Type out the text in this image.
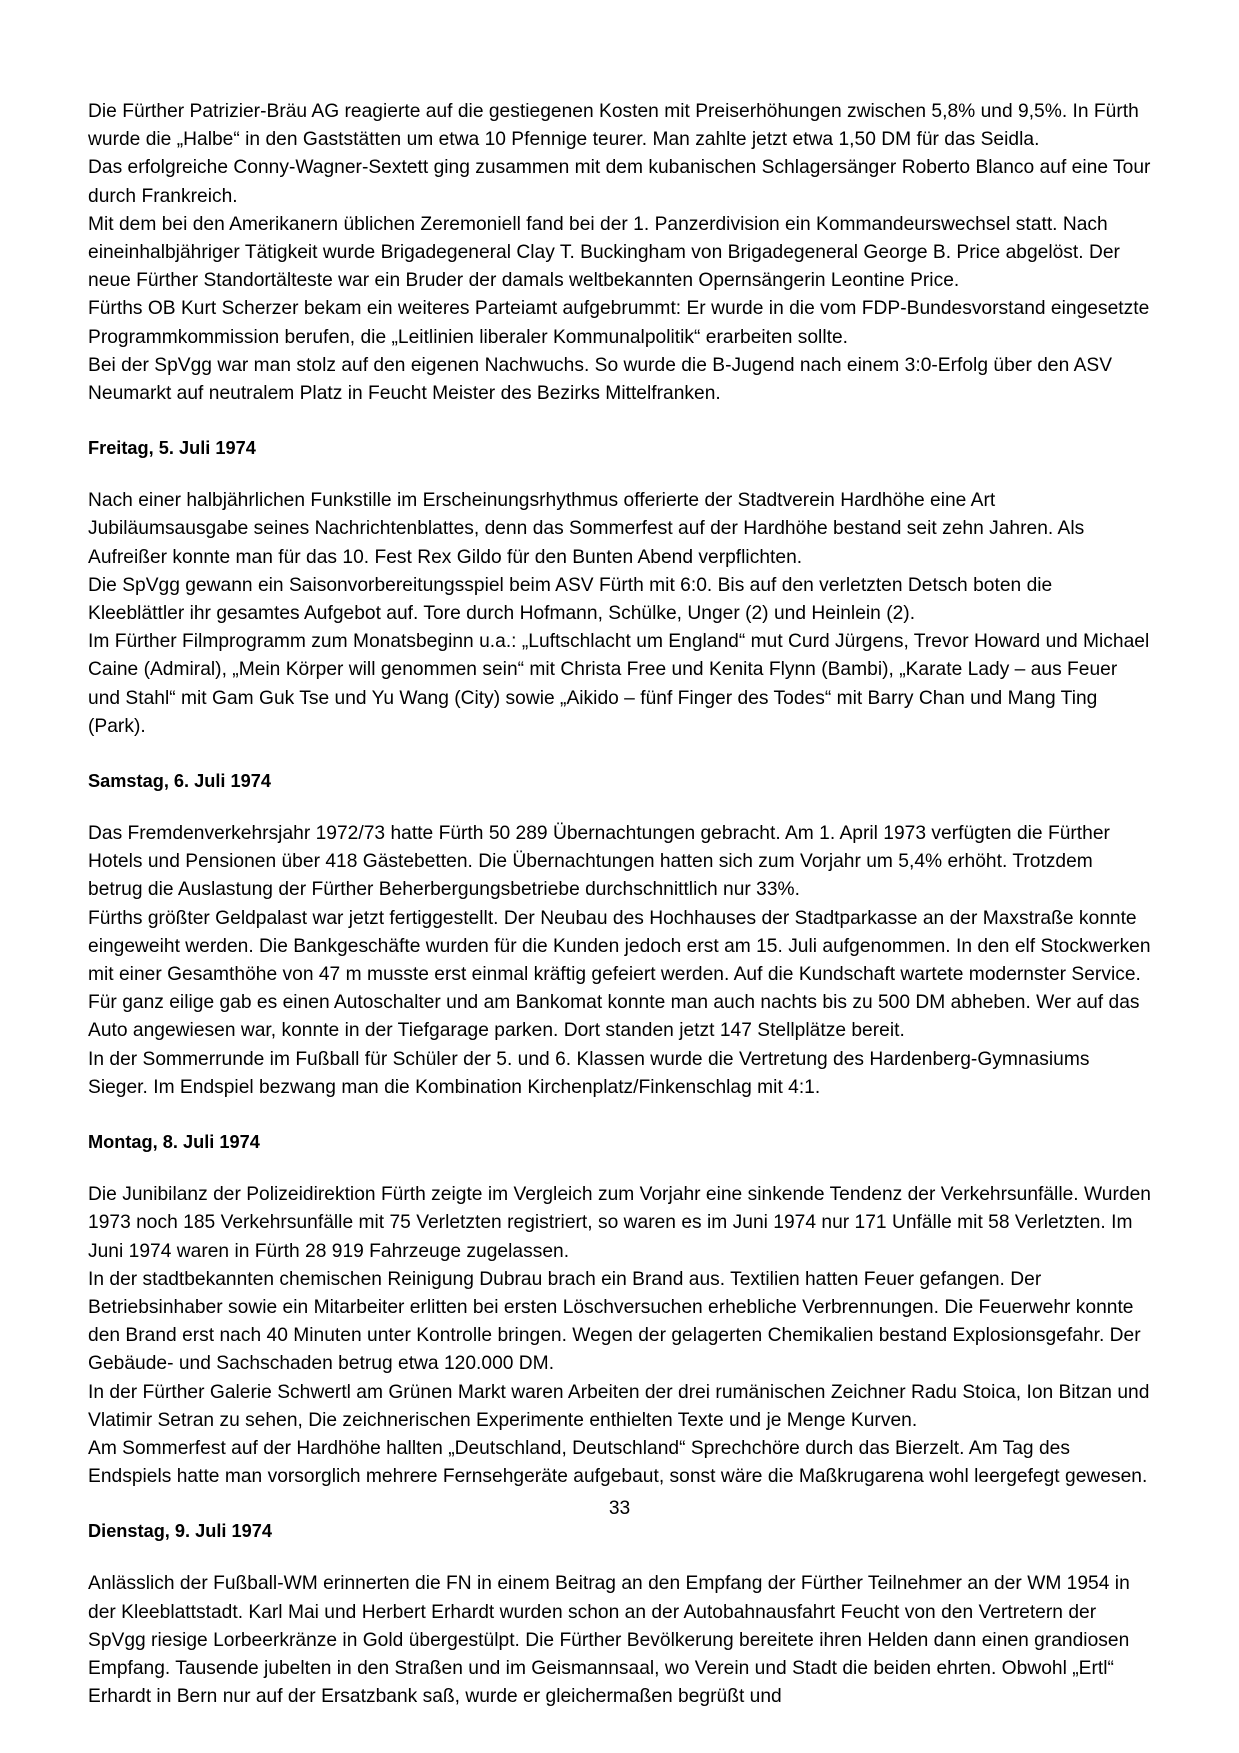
Die Fürther Patrizier-Bräu AG reagierte auf die gestiegenen Kosten mit Preiserhöhungen zwischen 5,8% und 9,5%. In Fürth wurde die „Halbe“ in den Gaststätten um etwa 10 Pfennige teurer. Man zahlte jetzt etwa 1,50 DM für das Seidla.

Das erfolgreiche Conny-Wagner-Sextett ging zusammen mit dem kubanischen Schlagersänger Roberto Blanco auf eine Tour durch Frankreich.

Mit dem bei den Amerikanern üblichen Zeremoniell fand bei der 1. Panzerdivision ein Kommandeurswechsel statt. Nach eineinhalbjähriger Tätigkeit wurde Brigadegeneral Clay T. Buckingham von Brigadegeneral George B. Price abgelöst. Der neue Fürther Standortälteste war ein Bruder der damals weltbekannten Opernsängerin Leontine Price.

Fürths OB Kurt Scherzer bekam ein weiteres Parteiamt aufgebrummt: Er wurde in die vom FDP-Bundesvorstand eingesetzte Programmkommission berufen, die „Leitlinien liberaler Kommunalpolitik“ erarbeiten sollte.

Bei der SpVgg war man stolz auf den eigenen Nachwuchs. So wurde die B-Jugend nach einem 3:0-Erfolg über den ASV Neumarkt auf neutralem Platz in Feucht Meister des Bezirks Mittelfranken.

Freitag, 5. Juli 1974

Nach einer halbjährlichen Funkstille im Erscheinungsrhythmus offerierte der Stadtverein Hardhöhe eine Art Jubiläumsausgabe seines Nachrichtenblattes, denn das Sommerfest auf der Hardhöhe bestand seit zehn Jahren. Als Aufreißer konnte man für das 10. Fest Rex Gildo für den Bunten Abend verpflichten.

Die SpVgg gewann ein Saisonvorbereitungsspiel beim ASV Fürth mit 6:0. Bis auf den verletzten Detsch boten die Kleeblättler ihr gesamtes Aufgebot auf. Tore durch Hofmann, Schülke, Unger (2) und Heinlein (2).

Im Fürther Filmprogramm zum Monatsbeginn u.a.: „Luftschlacht um England“ mut Curd Jürgens, Trevor Howard und Michael Caine (Admiral), „Mein Körper will genommen sein“ mit Christa Free und Kenita Flynn (Bambi), „Karate Lady – aus Feuer und Stahl“ mit Gam Guk Tse und Yu Wang (City) sowie „Aikido – fünf Finger des Todes“ mit Barry Chan und Mang Ting (Park).

Samstag, 6. Juli 1974

Das Fremdenverkehrsjahr 1972/73 hatte Fürth 50 289 Übernachtungen gebracht. Am 1. April 1973 verfügten die Fürther Hotels und Pensionen über 418 Gästebetten. Die Übernachtungen hatten sich zum Vorjahr um 5,4% erhöht. Trotzdem betrug die Auslastung der Fürther Beherbergungsbetriebe durchschnittlich nur 33%.

Fürths größter Geldpalast war jetzt fertiggestellt. Der Neubau des Hochhauses der Stadtparkasse an der Maxstraße konnte eingeweiht werden. Die Bankgeschäfte wurden für die Kunden jedoch erst am 15. Juli aufgenommen. In den elf Stockwerken mit einer Gesamthöhe von 47 m musste erst einmal kräftig gefeiert werden. Auf die Kundschaft wartete modernster Service. Für ganz eilige gab es einen Autoschalter und am Bankomat konnte man auch nachts bis zu 500 DM abheben. Wer auf das Auto angewiesen war, konnte in der Tiefgarage parken. Dort standen jetzt 147 Stellplätze bereit.

In der Sommerrunde im Fußball für Schüler der 5. und 6. Klassen wurde die Vertretung des Hardenberg-Gymnasiums Sieger. Im Endspiel bezwang man die Kombination Kirchenplatz/Finkenschlag mit 4:1.

Montag, 8. Juli 1974

Die Junibilanz der Polizeidirektion Fürth zeigte im Vergleich zum Vorjahr eine sinkende Tendenz der Verkehrsunfälle. Wurden 1973 noch 185 Verkehrsunfälle mit 75 Verletzten registriert, so waren es im Juni 1974 nur 171 Unfälle mit 58 Verletzten. Im Juni 1974 waren in Fürth 28 919 Fahrzeuge zugelassen.

In der stadtbekannten chemischen Reinigung Dubrau brach ein Brand aus. Textilien hatten Feuer gefangen. Der Betriebsinhaber sowie ein Mitarbeiter erlitten bei ersten Löschversuchen erhebliche Verbrennungen. Die Feuerwehr konnte den Brand erst nach 40 Minuten unter Kontrolle bringen. Wegen der gelagerten Chemikalien bestand Explosionsgefahr. Der Gebäude- und Sachschaden betrug etwa 120.000 DM.

In der Fürther Galerie Schwertl am Grünen Markt waren Arbeiten der drei rumänischen Zeichner Radu Stoica, Ion Bitzan und Vlatimir Setran zu sehen, Die zeichnerischen Experimente enthielten Texte und je Menge Kurven.

Am Sommerfest auf der Hardhöhe hallten „Deutschland, Deutschland“ Sprechchöre durch das Bierzelt. Am Tag des Endspiels hatte man vorsorglich mehrere Fernsehgeräte aufgebaut, sonst wäre die Maßkrugarena wohl leergefegt gewesen.

Dienstag, 9. Juli 1974

Anlässlich der Fußball-WM erinnerten die FN in einem Beitrag an den Empfang der Fürther Teilnehmer an der WM 1954 in der Kleeblattstadt. Karl Mai und Herbert Erhardt wurden schon an der Autobahnausfahrt Feucht von den Vertretern der SpVgg riesige Lorbeerkränze in Gold übergestülpt. Die Fürther Bevölkerung bereitete ihren Helden dann einen grandiosen Empfang. Tausende jubelten in den Straßen und im Geismannsaal, wo Verein und Stadt die beiden ehrten. Obwohl „Ertl“ Erhardt in Bern nur auf der Ersatzbank saß, wurde er gleichermaßen begrüßt und

33
